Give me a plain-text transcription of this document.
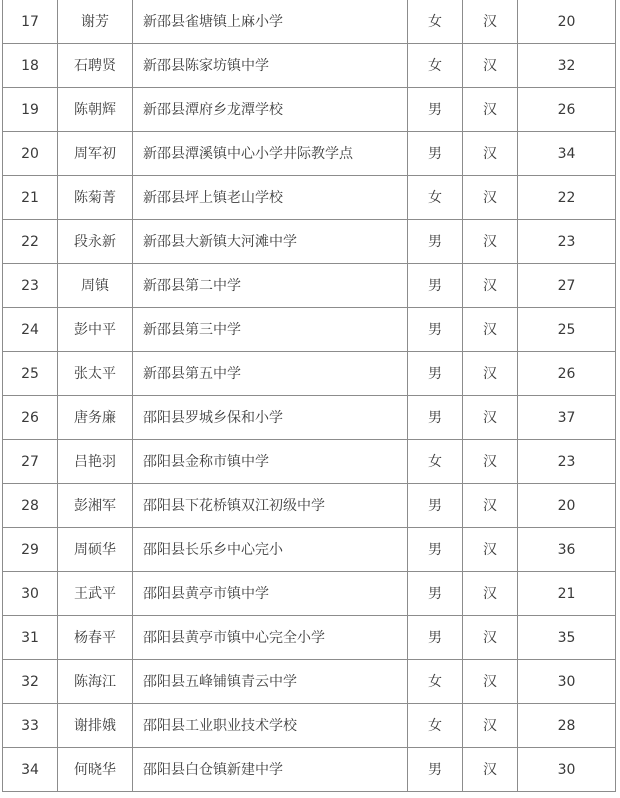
17	谢芳	新邵县雀塘镇上麻小学	女	汉	20
18	石聘贤	新邵县陈家坊镇中学	女	汉	32
19	陈朝辉	新邵县潭府乡龙潭学校	男	汉	26
20	周军初	新邵县潭溪镇中心小学井际教学点	男	汉	34
21	陈菊菁	新邵县坪上镇老山学校	女	汉	22
22	段永新	新邵县大新镇大河滩中学	男	汉	23
23	周镇	新邵县第二中学	男	汉	27
24	彭中平	新邵县第三中学	男	汉	25
25	张太平	新邵县第五中学	男	汉	26
26	唐务廉	邵阳县罗城乡保和小学	男	汉	37
27	吕艳羽	邵阳县金称市镇中学	女	汉	23
28	彭湘军	邵阳县下花桥镇双江初级中学	男	汉	20
29	周硕华	邵阳县长乐乡中心完小	男	汉	36
30	王武平	邵阳县黄亭市镇中学	男	汉	21
31	杨春平	邵阳县黄亭市镇中心完全小学	男	汉	35
32	陈海江	邵阳县五峰铺镇青云中学	女	汉	30
33	谢排娥	邵阳县工业职业技术学校	女	汉	28
34	何晓华	邵阳县白仓镇新建中学	男	汉	30
